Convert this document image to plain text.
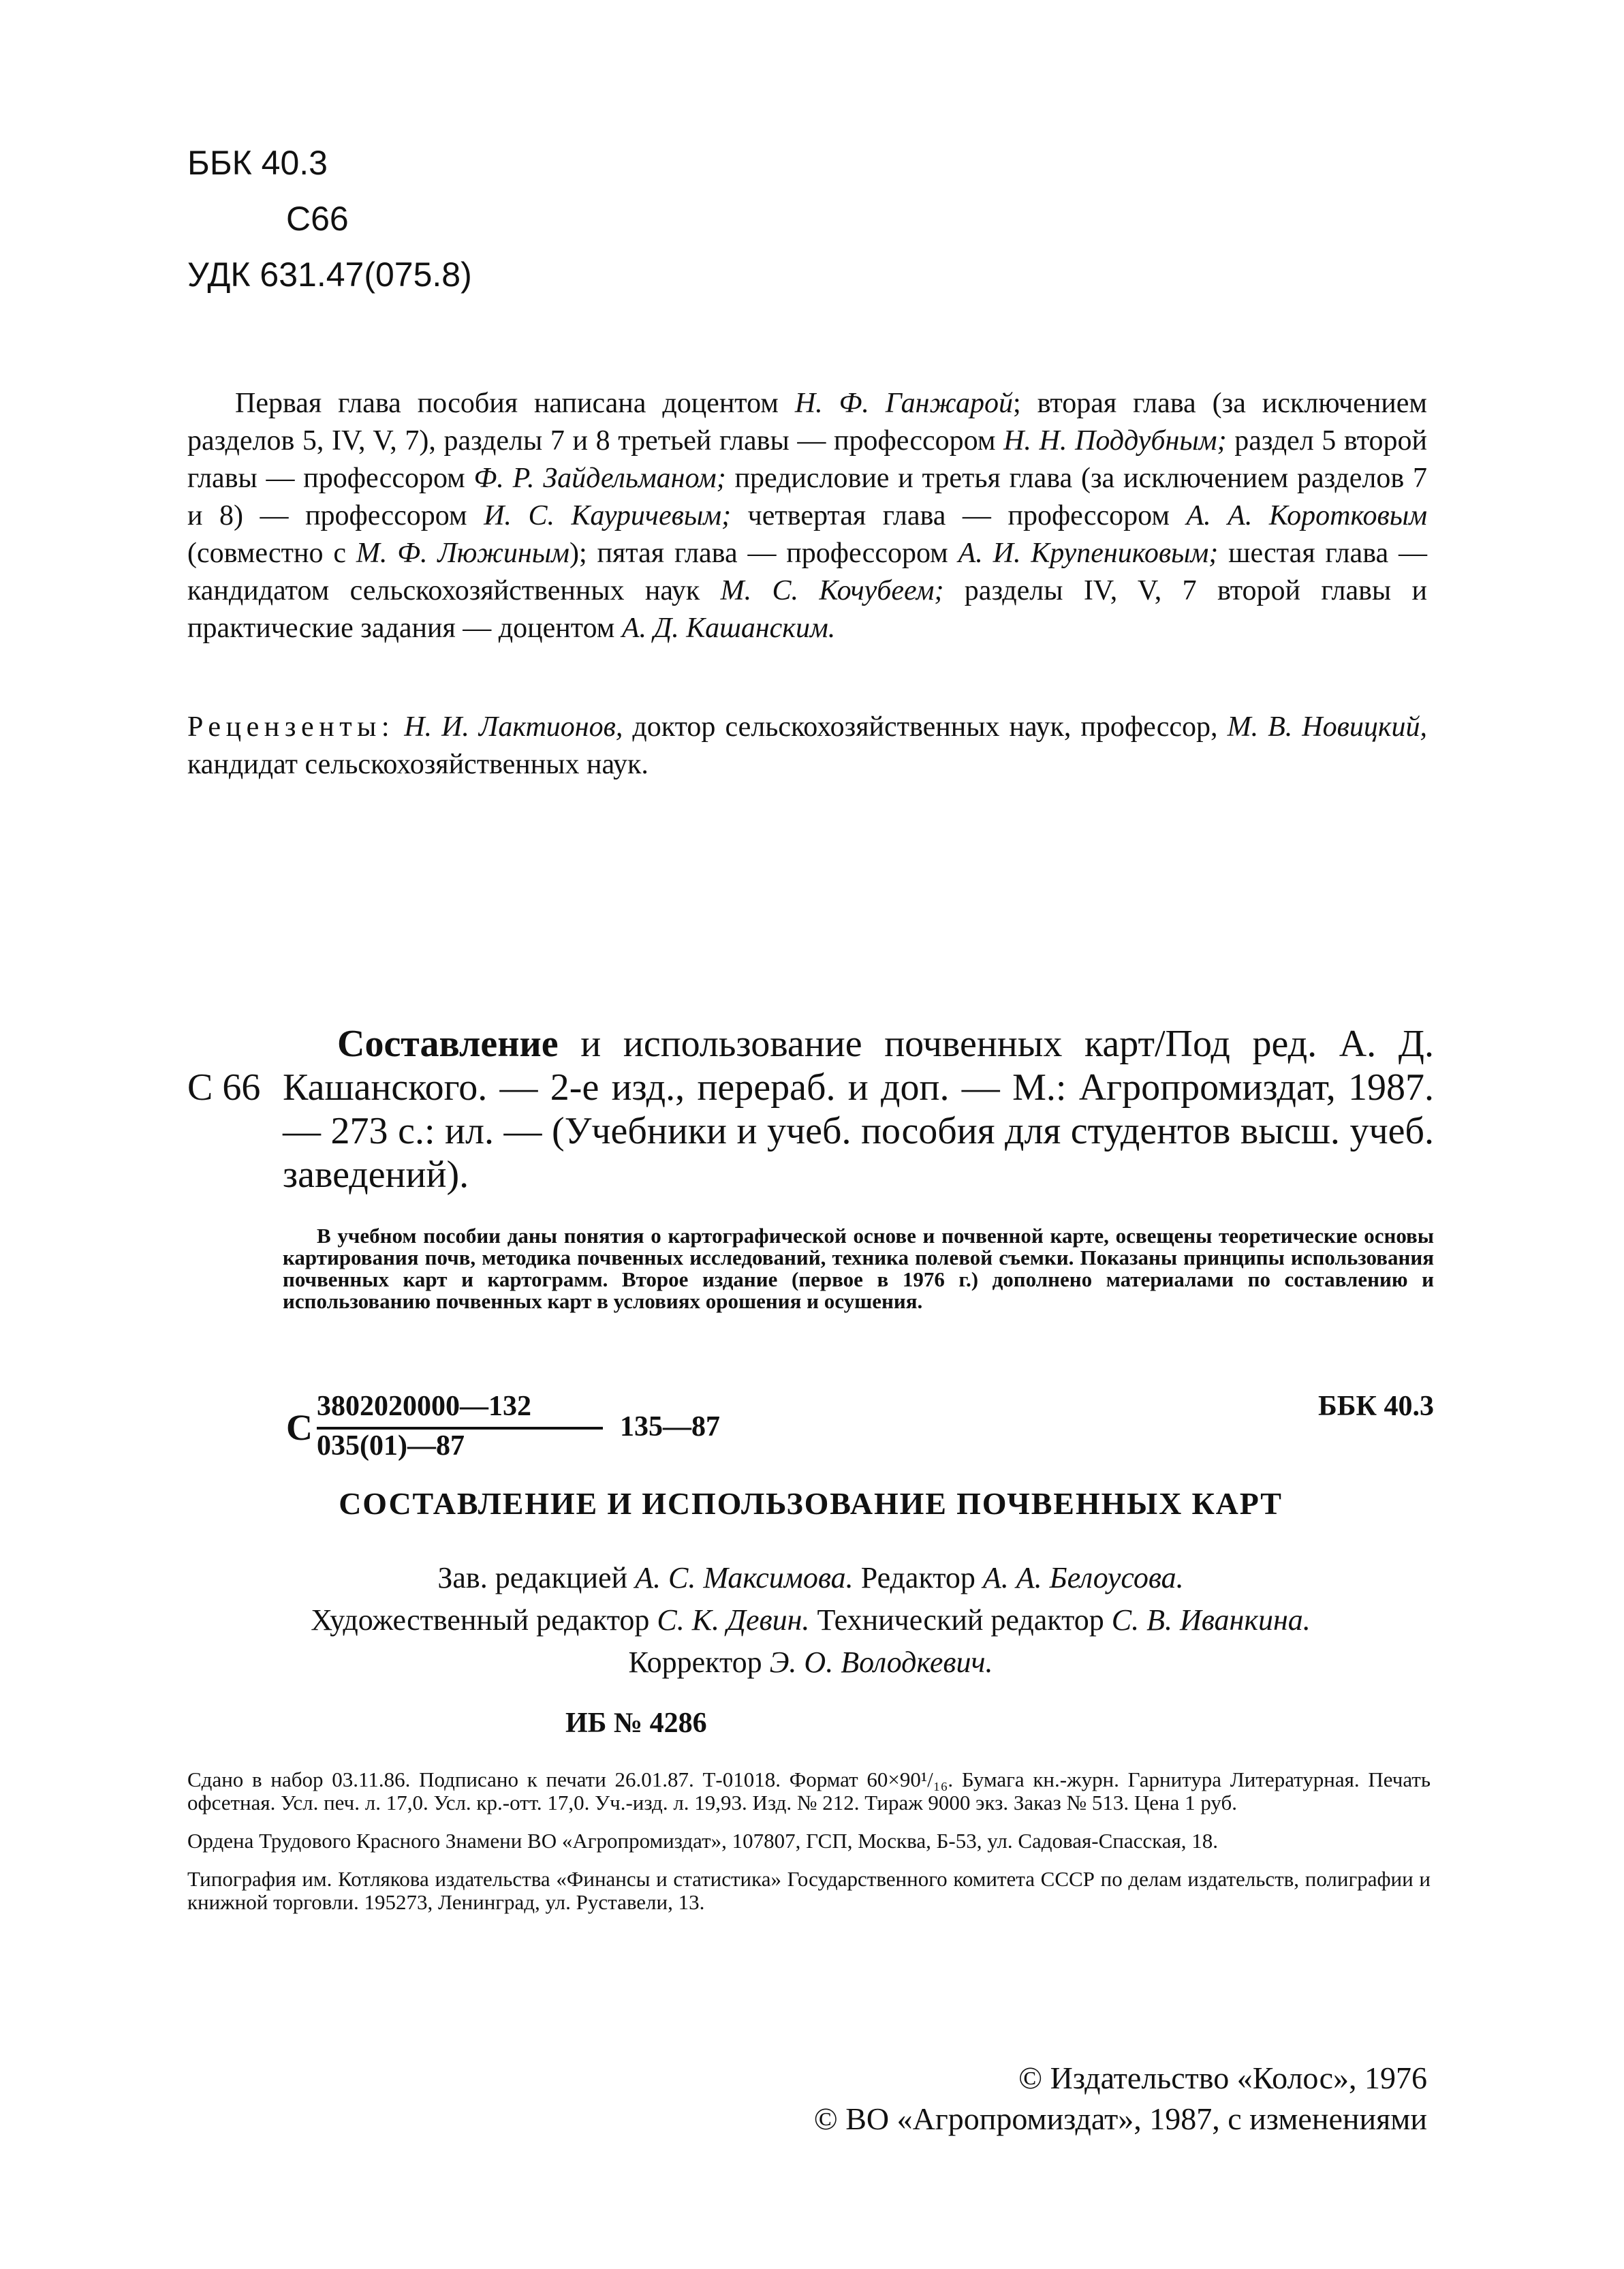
ББК 40.3
С66
УДК 631.47(075.8)

Первая глава пособия написана доцентом Н. Ф. Ганжарой; вторая глава (за исключением разделов 5, IV, V, 7), разделы 7 и 8 третьей главы — профессором Н. Н. Поддубным; раздел 5 второй главы — профессором Ф. Р. Зайдельманом; предисловие и третья глава (за исключением разделов 7 и 8) — профессором И. С. Кауричевым; четвертая глава — профессором А. А. Коротковым (совместно с М. Ф. Люжиным); пятая глава — профессором А. И. Крупениковым; шестая глава — кандидатом сельскохозяйственных наук М. С. Кочубеем; разделы IV, V, 7 второй главы и практические задания — доцентом А. Д. Кашанским.

Рецензенты: Н. И. Лактионов, доктор сельскохозяйственных наук, профессор, М. В. Новицкий, кандидат сельскохозяйственных наук.

С 66

Составление и использование почвенных карт/Под ред. А. Д. Кашанского. — 2-е изд., перераб. и доп. — М.: Агропромиздат, 1987. — 273 с.: ил. — (Учебники и учеб. пособия для студентов высш. учеб. заведений).

В учебном пособии даны понятия о картографической основе и почвенной карте, освещены теоретические основы картирования почв, методика почвенных исследований, техника полевой съемки. Показаны принципы использования почвенных карт и картограмм. Второе издание (первое в 1976 г.) дополнено материалами по составлению и использованию почвенных карт в условиях орошения и осушения.

С
3802020000—132
035(01)—87
135—87
ББК 40.3
СОСТАВЛЕНИЕ И ИСПОЛЬЗОВАНИЕ ПОЧВЕННЫХ КАРТ
Зав. редакцией А. С. Максимова. Редактор А. А. Белоусова.
Художественный редактор С. К. Девин. Технический редактор С. В. Иванкина.
Корректор Э. О. Володкевич.
ИБ № 4286

Сдано в набор 03.11.86. Подписано к печати 26.01.87. Т-01018. Формат 60×90¹/₁₆. Бумага кн.-журн. Гарнитура Литературная. Печать офсетная. Усл. печ. л. 17,0. Усл. кр.-отт. 17,0. Уч.-изд. л. 19,93. Изд. № 212. Тираж 9000 экз. Заказ № 513. Цена 1 руб.

Ордена Трудового Красного Знамени ВО «Агропромиздат», 107807, ГСП, Москва, Б-53, ул. Садовая-Спасская, 18.

Типография им. Котлякова издательства «Финансы и статистика» Государственного комитета СССР по делам издательств, полиграфии и книжной торговли. 195273, Ленинград, ул. Руставели, 13.

© Издательство «Колос», 1976
© ВО «Агропромиздат», 1987, с изменениями
